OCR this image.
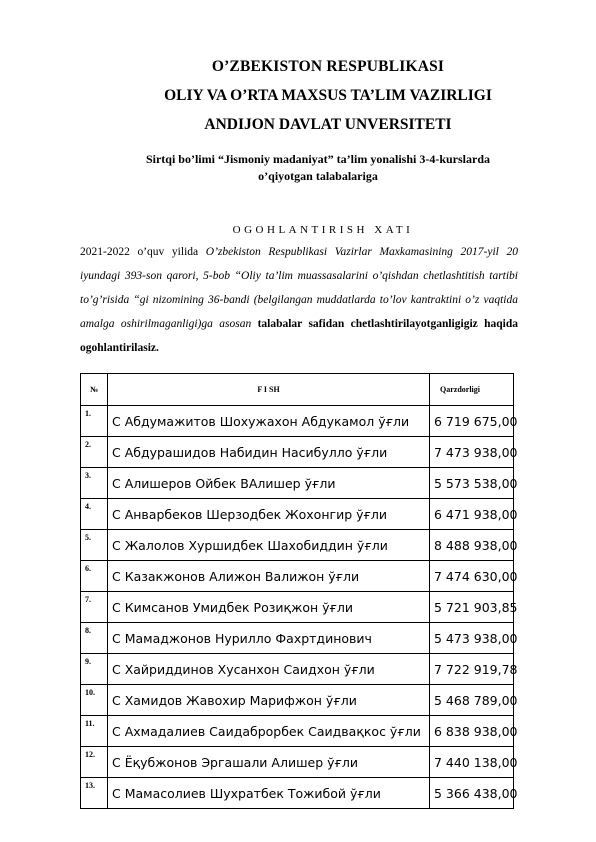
O’ZBEKISTON RESPUBLIKASI
OLIY VA O’RTA MAXSUS TA’LIM VAZIRLIGI
ANDIJON DAVLAT UNVERSITETI
Sirtqi bo’limi “Jismoniy madaniyat” ta’lim yonalishi 3-4-kurslarda
o’qiyotgan talabalariga
OGOHLANTIRISH XATI
2021-2022 o’quv yilida O’zbekiston Respublikasi Vazirlar Maxkamasining 2017-yil 20 iyundagi 393-son qarori, 5-bob “Oliy ta’lim muassasalarini o’qishdan chetlashtitish tartibi to’g’risida “gi nizomining 36-bandi (belgilangan muddatlarda to’lov kantraktini o’z vaqtida amalga oshirilmaganligi)ga asosan talabalar safidan chetlashtirilayotganligigiz haqida ogohlantirilasiz.
№	F I SH	Qarzdorligi
1.	С Абдумажитов Шохужахон Абдукамол ўғли	6 719 675,00
2.	С Абдурашидов Набидин Насибулло ўғли	7 473 938,00
3.	С Алишеров Ойбек ВАлишер ўғли	5 573 538,00
4.	С Анварбеков Шерзодбек Жохонгир ўғли	6 471 938,00
5.	С Жалолов Хуршидбек Шахобиддин ўғли	8 488 938,00
6.	С Казакжонов Алижон Валижон ўғли	7 474 630,00
7.	С Кимсанов Умидбек Розиқжон ўғли	5 721 903,85
8.	С Мамаджонов Нурилло Фахртдинович	5 473 938,00
9.	С Хайриддинов Хусанхон Саидхон ўғли	7 722 919,78
10.	С Хамидов Жавохир Марифжон ўғли	5 468 789,00
11.	С Ахмадалиев Саидаброрбек Саидвақкос ўғли	6 838 938,00
12.	С Ёқубжонов Эргашали Алишер ўғли	7 440 138,00
13.	С Мамасолиев Шухратбек Тожибой ўғли	5 366 438,00
